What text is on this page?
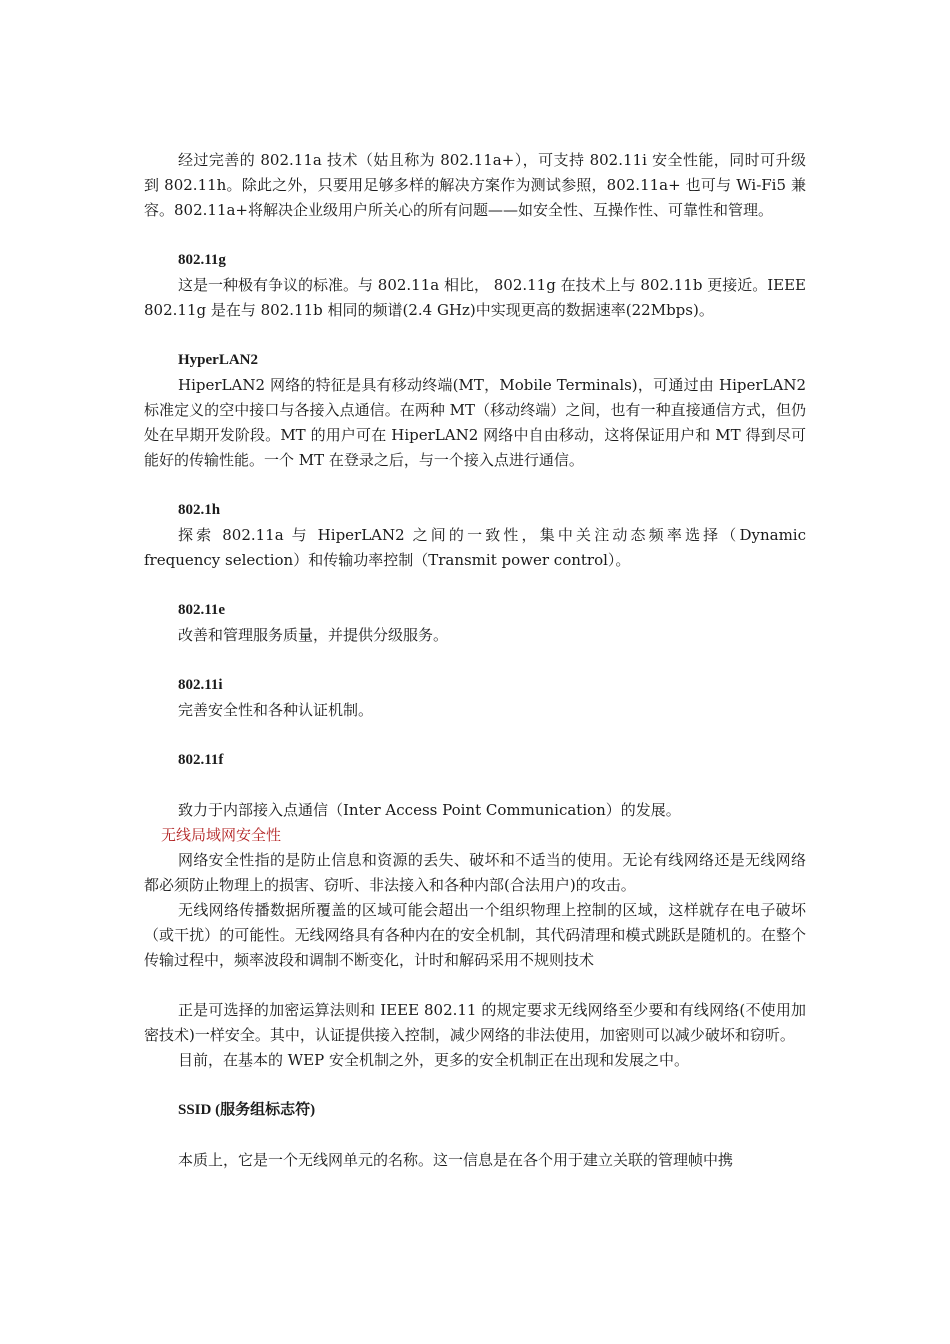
经过完善的 802.11a 技术（姑且称为 802.11a+），可支持 802.11i 安全性能，同时可升级到 802.11h。除此之外，只要用足够多样的解决方案作为测试参照，802.11a+ 也可与 Wi-Fi5 兼容。802.11a+将解决企业级用户所关心的所有问题——如安全性、互操作性、可靠性和管理。

802.11g

这是一种极有争议的标准。与 802.11a 相比， 802.11g 在技术上与 802.11b 更接近。IEEE 802.11g 是在与 802.11b 相同的频谱(2.4 GHz)中实现更高的数据速率(22Mbps)。

HyperLAN2

HiperLAN2 网络的特征是具有移动终端(MT，Mobile Terminals)，可通过由 HiperLAN2 标准定义的空中接口与各接入点通信。在两种 MT（移动终端）之间，也有一种直接通信方式，但仍处在早期开发阶段。MT 的用户可在 HiperLAN2 网络中自由移动，这将保证用户和 MT 得到尽可能好的传输性能。一个 MT 在登录之后，与一个接入点进行通信。

802.1h

探索 802.11a 与 HiperLAN2 之间的一致性，集中关注动态频率选择（Dynamic frequency selection）和传输功率控制（Transmit power control）。

802.11e

改善和管理服务质量，并提供分级服务。

802.11i

完善安全性和各种认证机制。

802.11f

致力于内部接入点通信（Inter Access Point Communication）的发展。

无线局域网安全性

网络安全性指的是防止信息和资源的丢失、破坏和不适当的使用。无论有线网络还是无线网络都必须防止物理上的损害、窃听、非法接入和各种内部(合法用户)的攻击。

无线网络传播数据所覆盖的区域可能会超出一个组织物理上控制的区域，这样就存在电子破坏（或干扰）的可能性。无线网络具有各种内在的安全机制，其代码清理和模式跳跃是随机的。在整个传输过程中，频率波段和调制不断变化，计时和解码采用不规则技术

正是可选择的加密运算法则和 IEEE 802.11 的规定要求无线网络至少要和有线网络(不使用加密技术)一样安全。其中，认证提供接入控制，减少网络的非法使用，加密则可以减少破坏和窃听。

目前，在基本的 WEP 安全机制之外，更多的安全机制正在出现和发展之中。

SSID (服务组标志符)

本质上，它是一个无线网单元的名称。这一信息是在各个用于建立关联的管理帧中携
